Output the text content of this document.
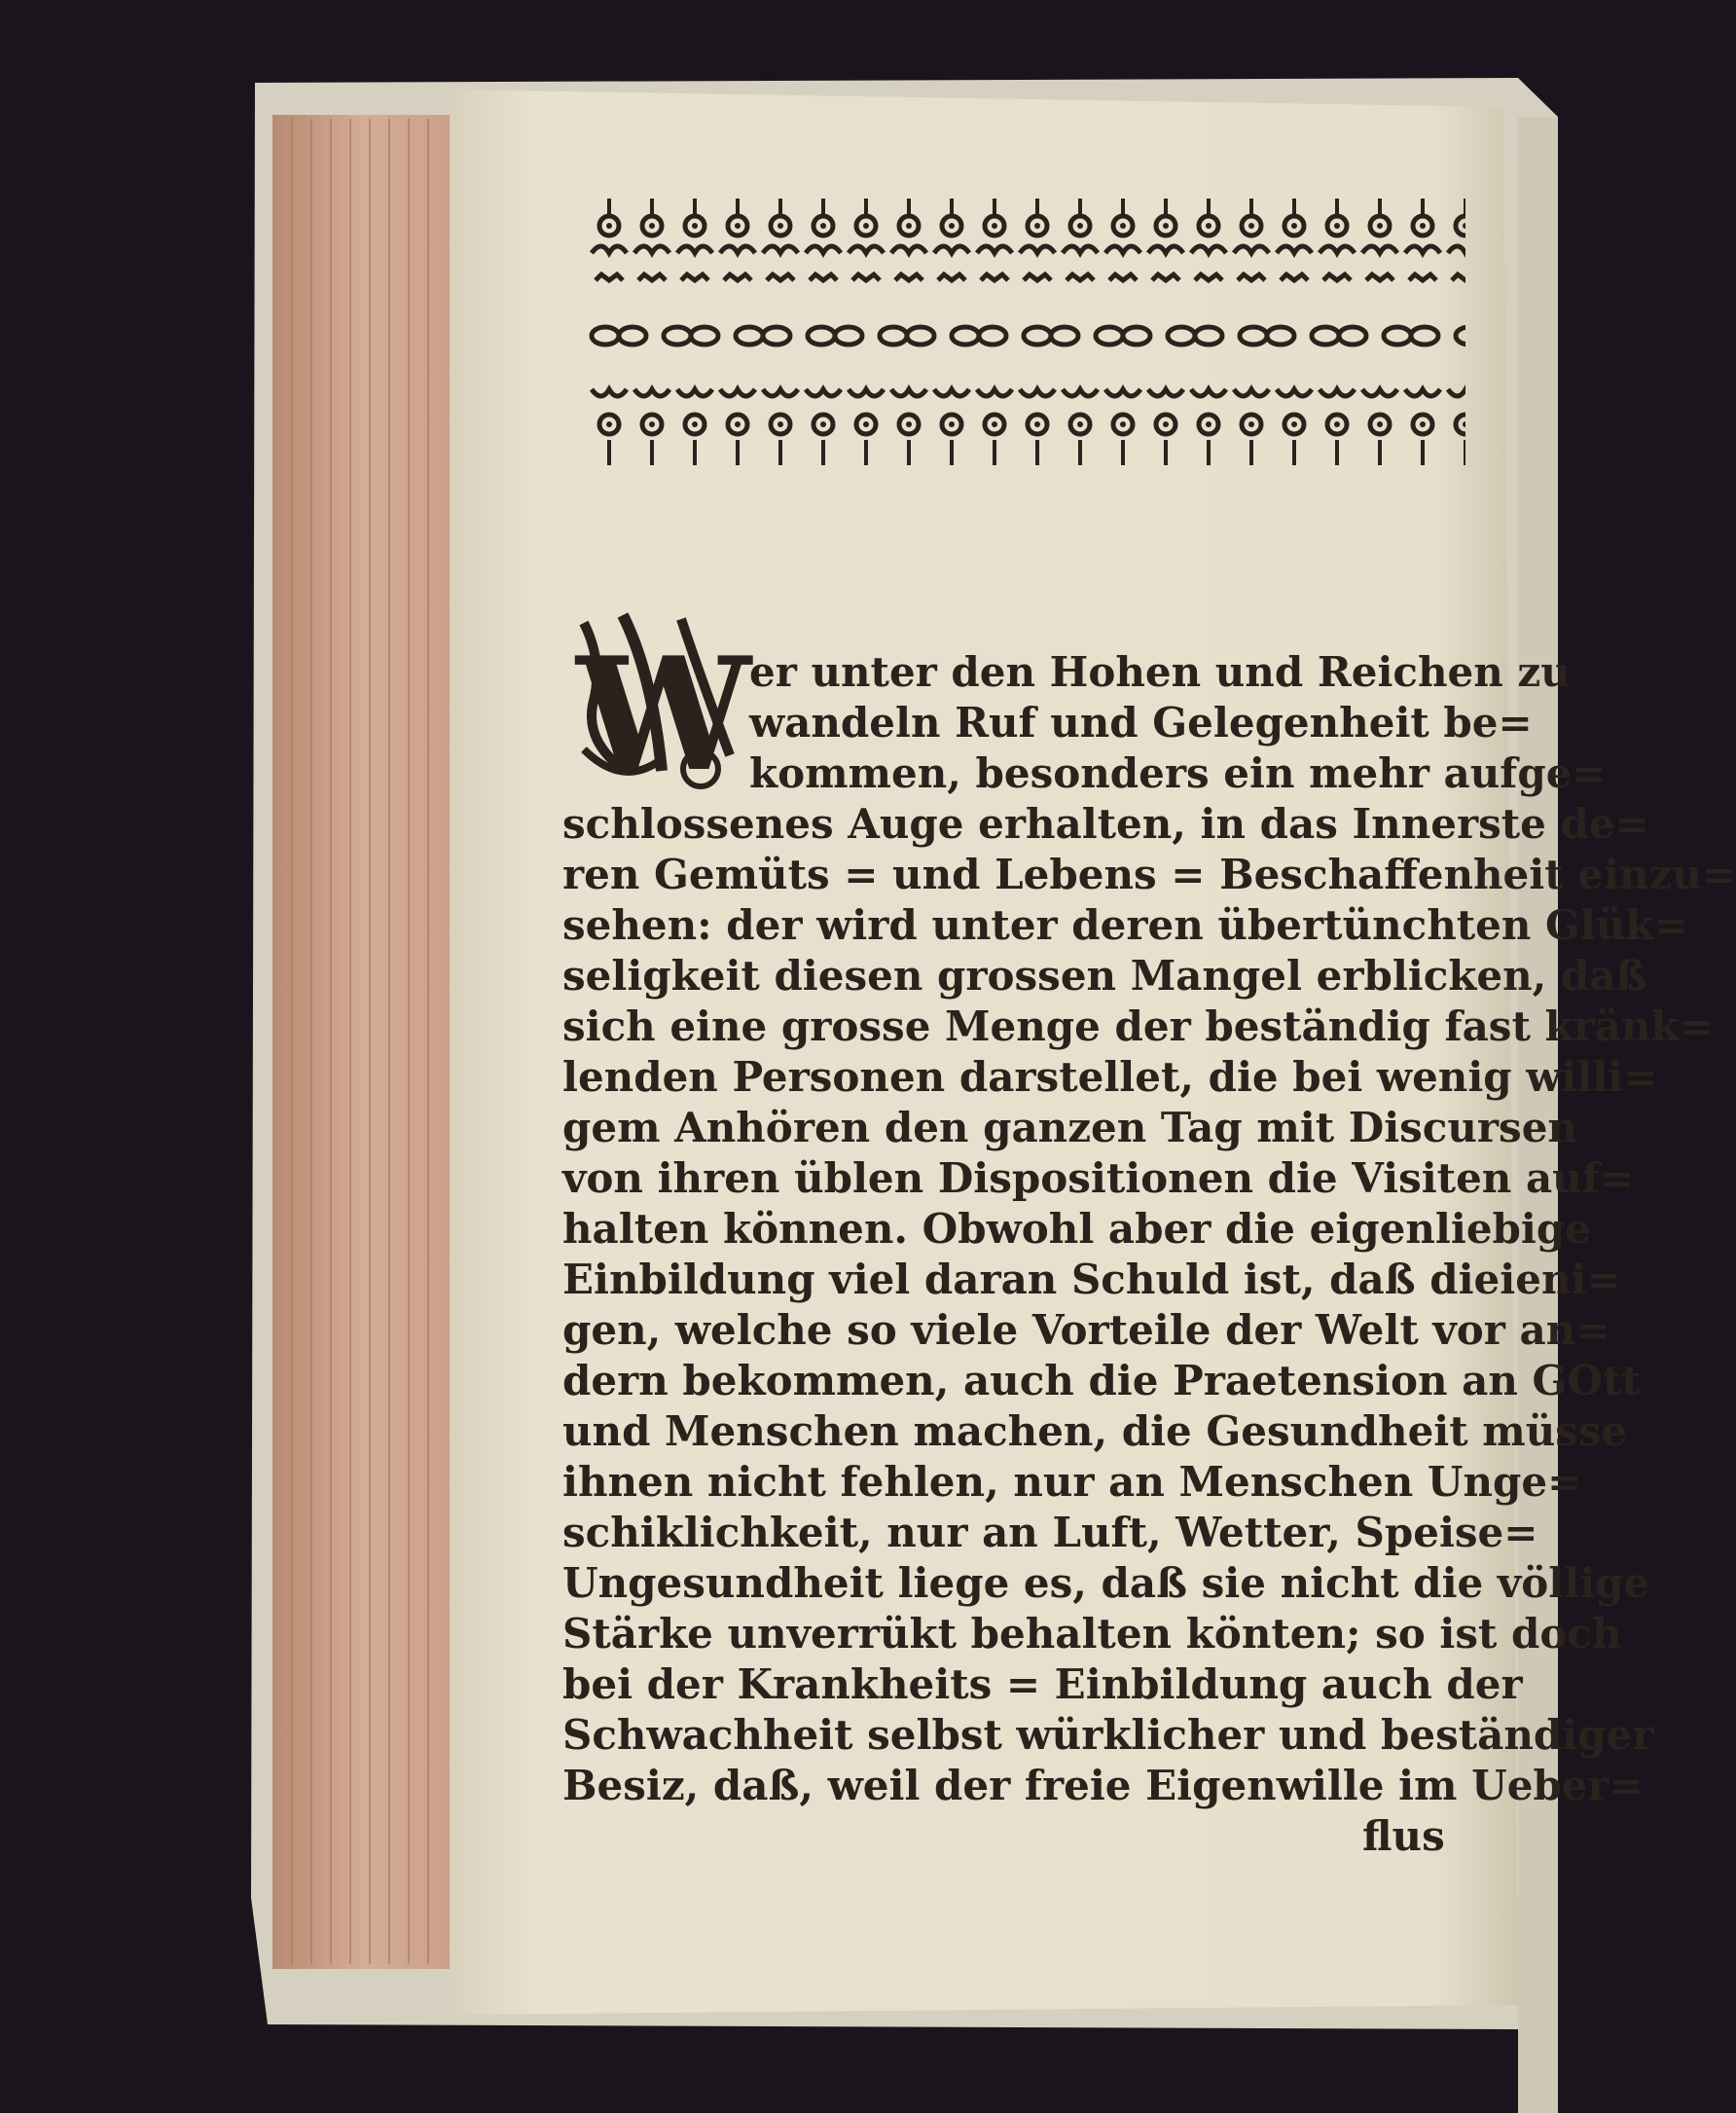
W
er unter den Hohen und Reichen zu
wandeln Ruf und Gelegenheit be=
kommen, besonders ein mehr aufge=
schlossenes Auge erhalten, in das Innerste de=
ren Gemüts = und Lebens = Beschaffenheit einzu=
sehen: der wird unter deren übertünchten Glük=
seligkeit diesen grossen Mangel erblicken, daß
sich eine grosse Menge der beständig fast kränk=
lenden Personen darstellet, die bei wenig willi=
gem Anhören den ganzen Tag mit Discursen
von ihren üblen Dispositionen die Visiten auf=
halten können. Obwohl aber die eigenliebige
Einbildung viel daran Schuld ist, daß dieieni=
gen, welche so viele Vorteile der Welt vor an=
dern bekommen, auch die Praetension an GOtt
und Menschen machen, die Gesundheit müsse
ihnen nicht fehlen, nur an Menschen Unge=
schiklichkeit, nur an Luft, Wetter, Speise=
Ungesundheit liege es, daß sie nicht die völlige
Stärke unverrükt behalten könten; so ist doch
bei der Krankheits = Einbildung auch der
Schwachheit selbst würklicher und beständiger
Besiz, daß, weil der freie Eigenwille im Ueber=
flus
